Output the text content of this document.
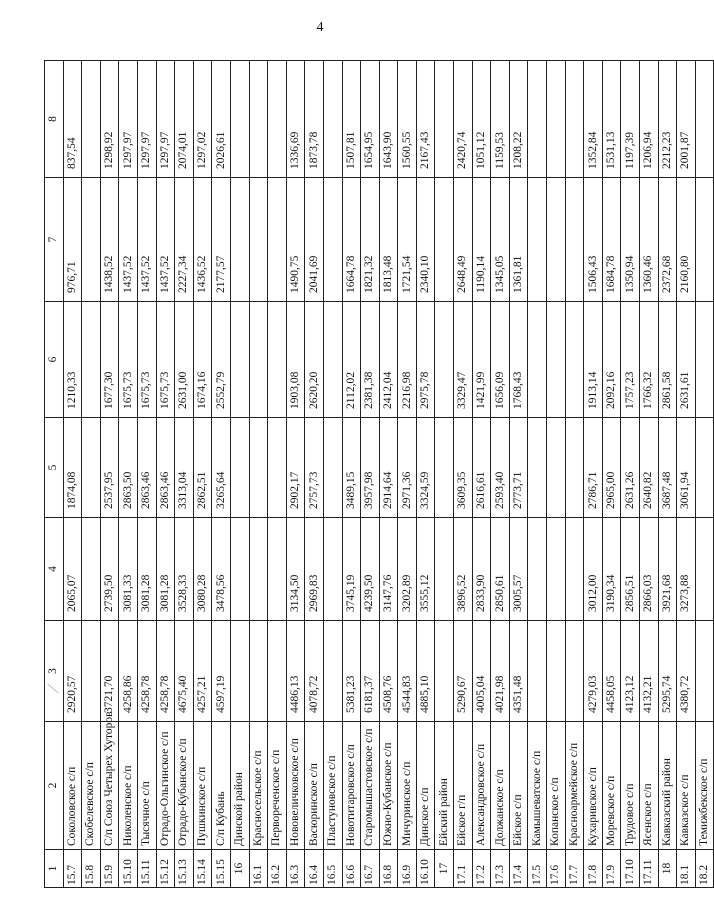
4
1	2	3	4	5	6	7	8
15.7	Соколовское с/п	2920,57	2065,07	1874,08	1210,33	976,71	837,54
15.8	Скобелевское с/п						
15.9	С/п Союз Четырех Хуторов	3721,70	2739,50	2537,95	1677,30	1438,52	1298,92
15.10	Николенское с/п	4258,86	3081,33	2863,50	1675,73	1437,52	1297,97
15.11	Тысячное с/п	4258,78	3081,28	2863,46	1675,73	1437,52	1297,97
15.12	Отрадо-Ольгинское с/п	4258,78	3081,28	2863,46	1675,73	1437,52	1297,97
15.13	Отрадо-Кубанское с/п	4675,40	3528,33	3313,04	2631,00	2227,34	2074,01
15.14	Пушкинское с/п	4257,21	3080,28	2862,51	1674,16	1436,52	1297,02
15.15	С/п Кубань	4597,19	3478,56	3265,64	2552,79	2177,57	2026,61
16	Динской район						
16.1	Красносельское с/п						
16.2	Первореченское с/п						
16.3	Нововеличковское с/п	4486,13	3134,50	2902,17	1903,08	1490,75	1336,69
16.4	Васюринское с/п	4078,72	2969,83	2757,73	2620,20	2041,69	1873,78
16.5	Пластуновское с/п						
16.6	Новотитаровское с/п	5381,23	3745,19	3489,15	2112,02	1664,78	1507,81
16.7	Старомышастовское с/п	6181,37	4239,50	3957,98	2381,38	1821,32	1654,95
16.8	Южно-Кубанское с/п	4508,76	3147,76	2914,64	2412,04	1813,48	1643,90
16.9	Мичуринское с/п	4544,83	3202,89	2971,36	2216,98	1721,54	1560,55
16.10	Динское с/п	4885,10	3555,12	3324,59	2975,78	2340,10	2167,43
17	Ейский район						
17.1	Ейское г/п	5290,67	3896,52	3609,35	3329,47	2648,49	2420,74
17.2	Александровское с/п	4005,04	2833,90	2616,61	1421,99	1190,14	1051,12
17.3	Должанское с/п	4021,98	2850,61	2593,40	1656,09	1345,05	1159,53
17.4	Ейское с/п	4351,48	3005,57	2773,71	1768,43	1361,81	1208,22
17.5	Камышеватское с/п						
17.6	Копанское с/п						
17.7	Красноармейское с/п						
17.8	Кухаривское с/п	4279,03	3012,00	2786,71	1913,14	1506,43	1352,84
17.9	Моревское с/п	4458,05	3190,34	2965,00	2092,16	1684,78	1531,13
17.10	Трудовое с/п	4123,12	2856,51	2631,26	1757,23	1350,94	1197,39
17.11	Ясенское с/п	4132,21	2866,03	2640,82	1766,32	1360,46	1206,94
18	Кавказский район	5295,74	3921,68	3687,48	2861,58	2372,68	2212,23
18.1	Кавказское с/п	4380,72	3273,88	3061,94	2631,61	2160,80	2001,87
18.2	Темижбекское с/п						
